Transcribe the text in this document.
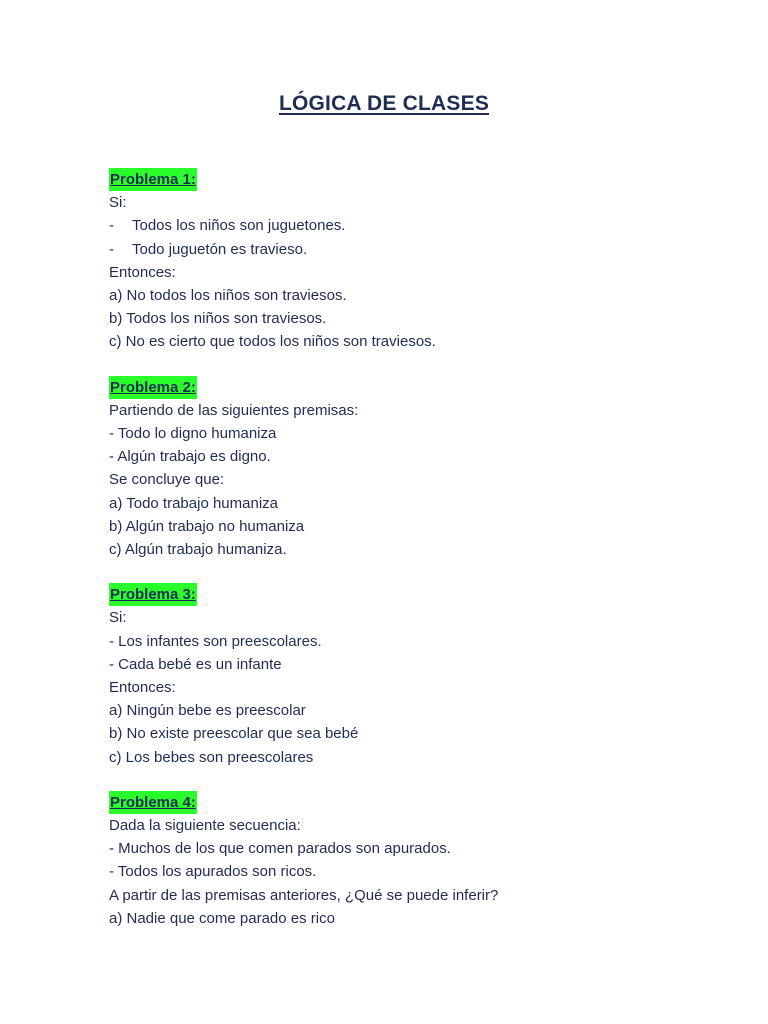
LÓGICA DE CLASES
Problema 1:
Si:
- Todos los niños son juguetones.
- Todo juguetón es travieso.
Entonces:
a) No todos los niños son traviesos.
b) Todos los niños son traviesos.
c) No es cierto que todos los niños son traviesos.
Problema 2:
Partiendo de las siguientes premisas:
- Todo lo digno humaniza
- Algún trabajo es digno.
Se concluye que:
a) Todo trabajo humaniza
b) Algún trabajo no humaniza
c) Algún trabajo humaniza.
Problema 3:
Si:
- Los infantes son preescolares.
- Cada bebé es un infante
Entonces:
a) Ningún bebe es preescolar
b) No existe preescolar que sea bebé
c) Los bebes son preescolares
Problema 4:
Dada la siguiente secuencia:
- Muchos de los que comen parados son apurados.
- Todos los apurados son ricos.
A partir de las premisas anteriores, ¿Qué se puede inferir?
a) Nadie que come parado es rico
